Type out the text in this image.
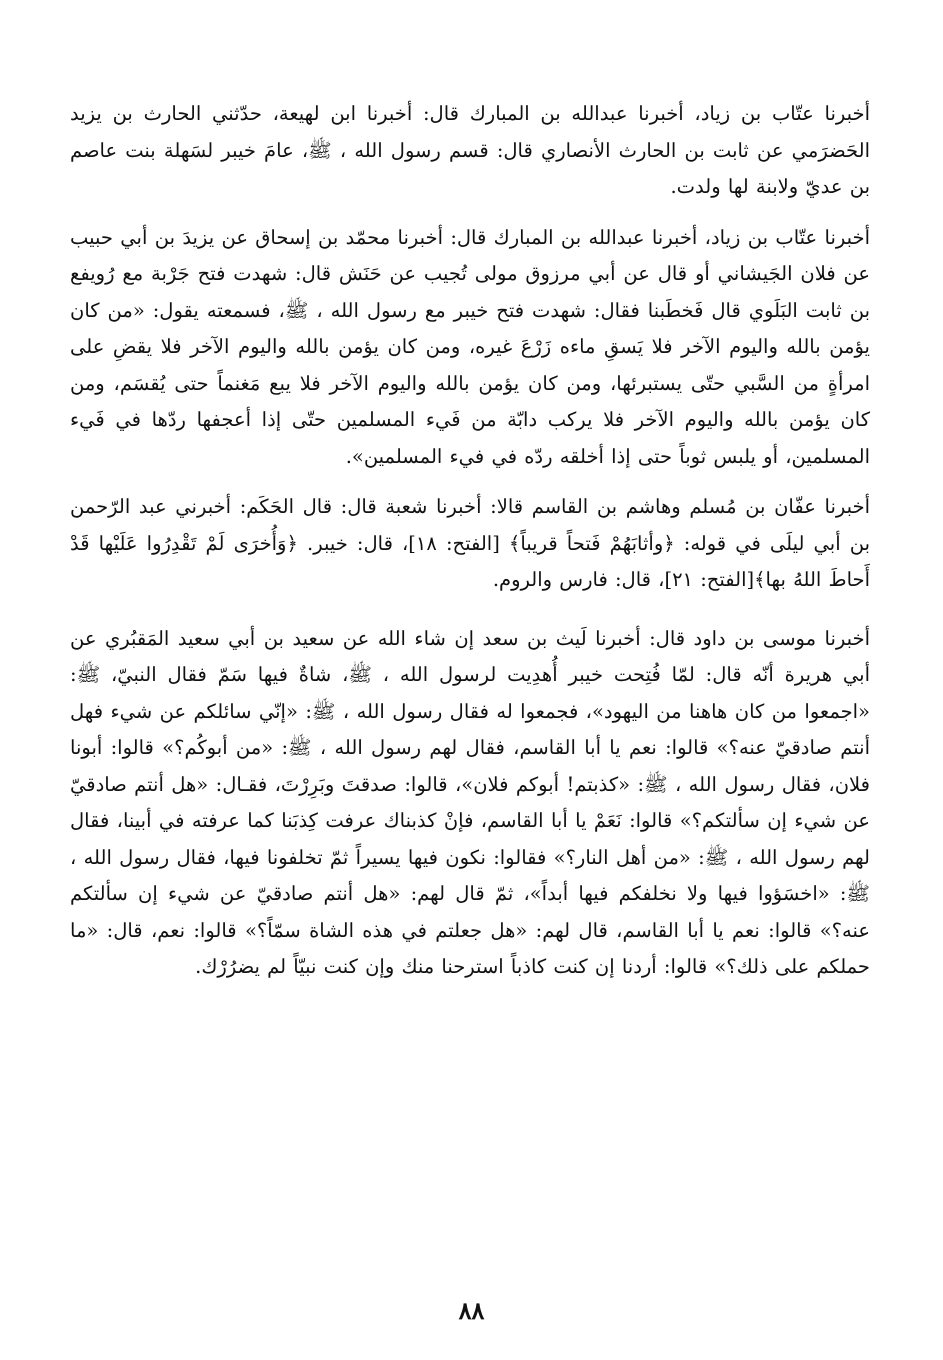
أخبرنا عتّاب بن زياد، أخبرنا عبدالله بن المبارك قال: أخبرنا ابن لهيعة، حدّثني الحارث بن يزيد الحَضرَمي عن ثابت بن الحارث الأنصاري قال: قسم رسول الله ، ﷺ، عامَ خيبر لسَهلة بنت عاصم بن عديّ ولابنة لها ولدت.

أخبرنا عتّاب بن زياد، أخبرنا عبدالله بن المبارك قال: أخبرنا محمّد بن إسحاق عن يزيدَ بن أبي حبيب عن فلان الجَيشاني أو قال عن أبي مرزوق مولى تُجيب عن حَنَش قال: شهدت فتح جَرْبة مع رُويفع بن ثابت البَلَوي قال فَخطَبنا فقال: شهدت فتح خيبر مع رسول الله ، ﷺ، فسمعته يقول: «من كان يؤمن بالله واليوم الآخر فلا يَسقِ ماءه زَرْعَ غيره، ومن كان يؤمن بالله واليوم الآخر فلا يقضِ على امرأةٍ من السَّبي حتّى يستبرئها، ومن كان يؤمن بالله واليوم الآخر فلا يبع مَغنماً حتى يُقسَم، ومن كان يؤمن بالله واليوم الآخر فلا يركب دابّة من فَيء المسلمين حتّى إذا أعجفها ردّها في فَيء المسلمين، أو يلبس ثوباً حتى إذا أخلقه ردّه في فيء المسلمين».

أخبرنا عفّان بن مُسلم وهاشم بن القاسم قالا: أخبرنا شعبة قال: قال الحَكَم: أخبرني عبد الرّحمن بن أبي ليلَى في قوله: ﴿وأثابَهُمْ فَتحاً قريباً﴾ [الفتح: ١٨]، قال: خيبر. ﴿وَأُخرَى لَمْ تَقْدِرُوا عَلَيْها قَدْ أَحاطَ اللهُ بها﴾[الفتح: ٢١]، قال: فارس والروم.

أخبرنا موسى بن داود قال: أخبرنا لَيث بن سعد إن شاء الله عن سعيد بن أبي سعيد المَقبُري عن أبي هريرة أنّه قال: لمّا فُتِحت خيبر أُهدِيت لرسول الله ، ﷺ، شاةٌ فيها سَمّ فقال النبيّ، ﷺ: «اجمعوا من كان هاهنا من اليهود»، فجمعوا له فقال رسول الله ، ﷺ: «إنّي سائلكم عن شيء فهل أنتم صادقيّ عنه؟» قالوا: نعم يا أبا القاسم، فقال لهم رسول الله ، ﷺ: «من أبوكُم؟» قالوا: أبونا فلان، فقال رسول الله ، ﷺ: «كذبتم! أبوكم فلان»، قالوا: صدقتَ وبَرِرْتَ، فقـال: «هل أنتم صادقيّ عن شيء إن سألتكم؟» قالوا: نَعَمْ يا أبا القاسم، فإنْ كذبناك عرفت كِذبَنا كما عرفته في أبينا، فقال لهم رسول الله ، ﷺ: «من أهل النار؟» فقالوا: نكون فيها يسيراً ثمّ تخلفونا فيها، فقال رسول الله ، ﷺ: «اخسَؤوا فيها ولا نخلفكم فيها أبداً»، ثمّ قال لهم: «هل أنتم صادقيّ عن شيء إن سألتكم عنه؟» قالوا: نعم يا أبا القاسم، قال لهم: «هل جعلتم في هذه الشاة سمّاً؟» قالوا: نعم، قال: «ما حملكم على ذلك؟» قالوا: أردنا إن كنت كاذباً استرحنا منك وإن كنت نبيّاً لم يضرُرْك.

٨٨
